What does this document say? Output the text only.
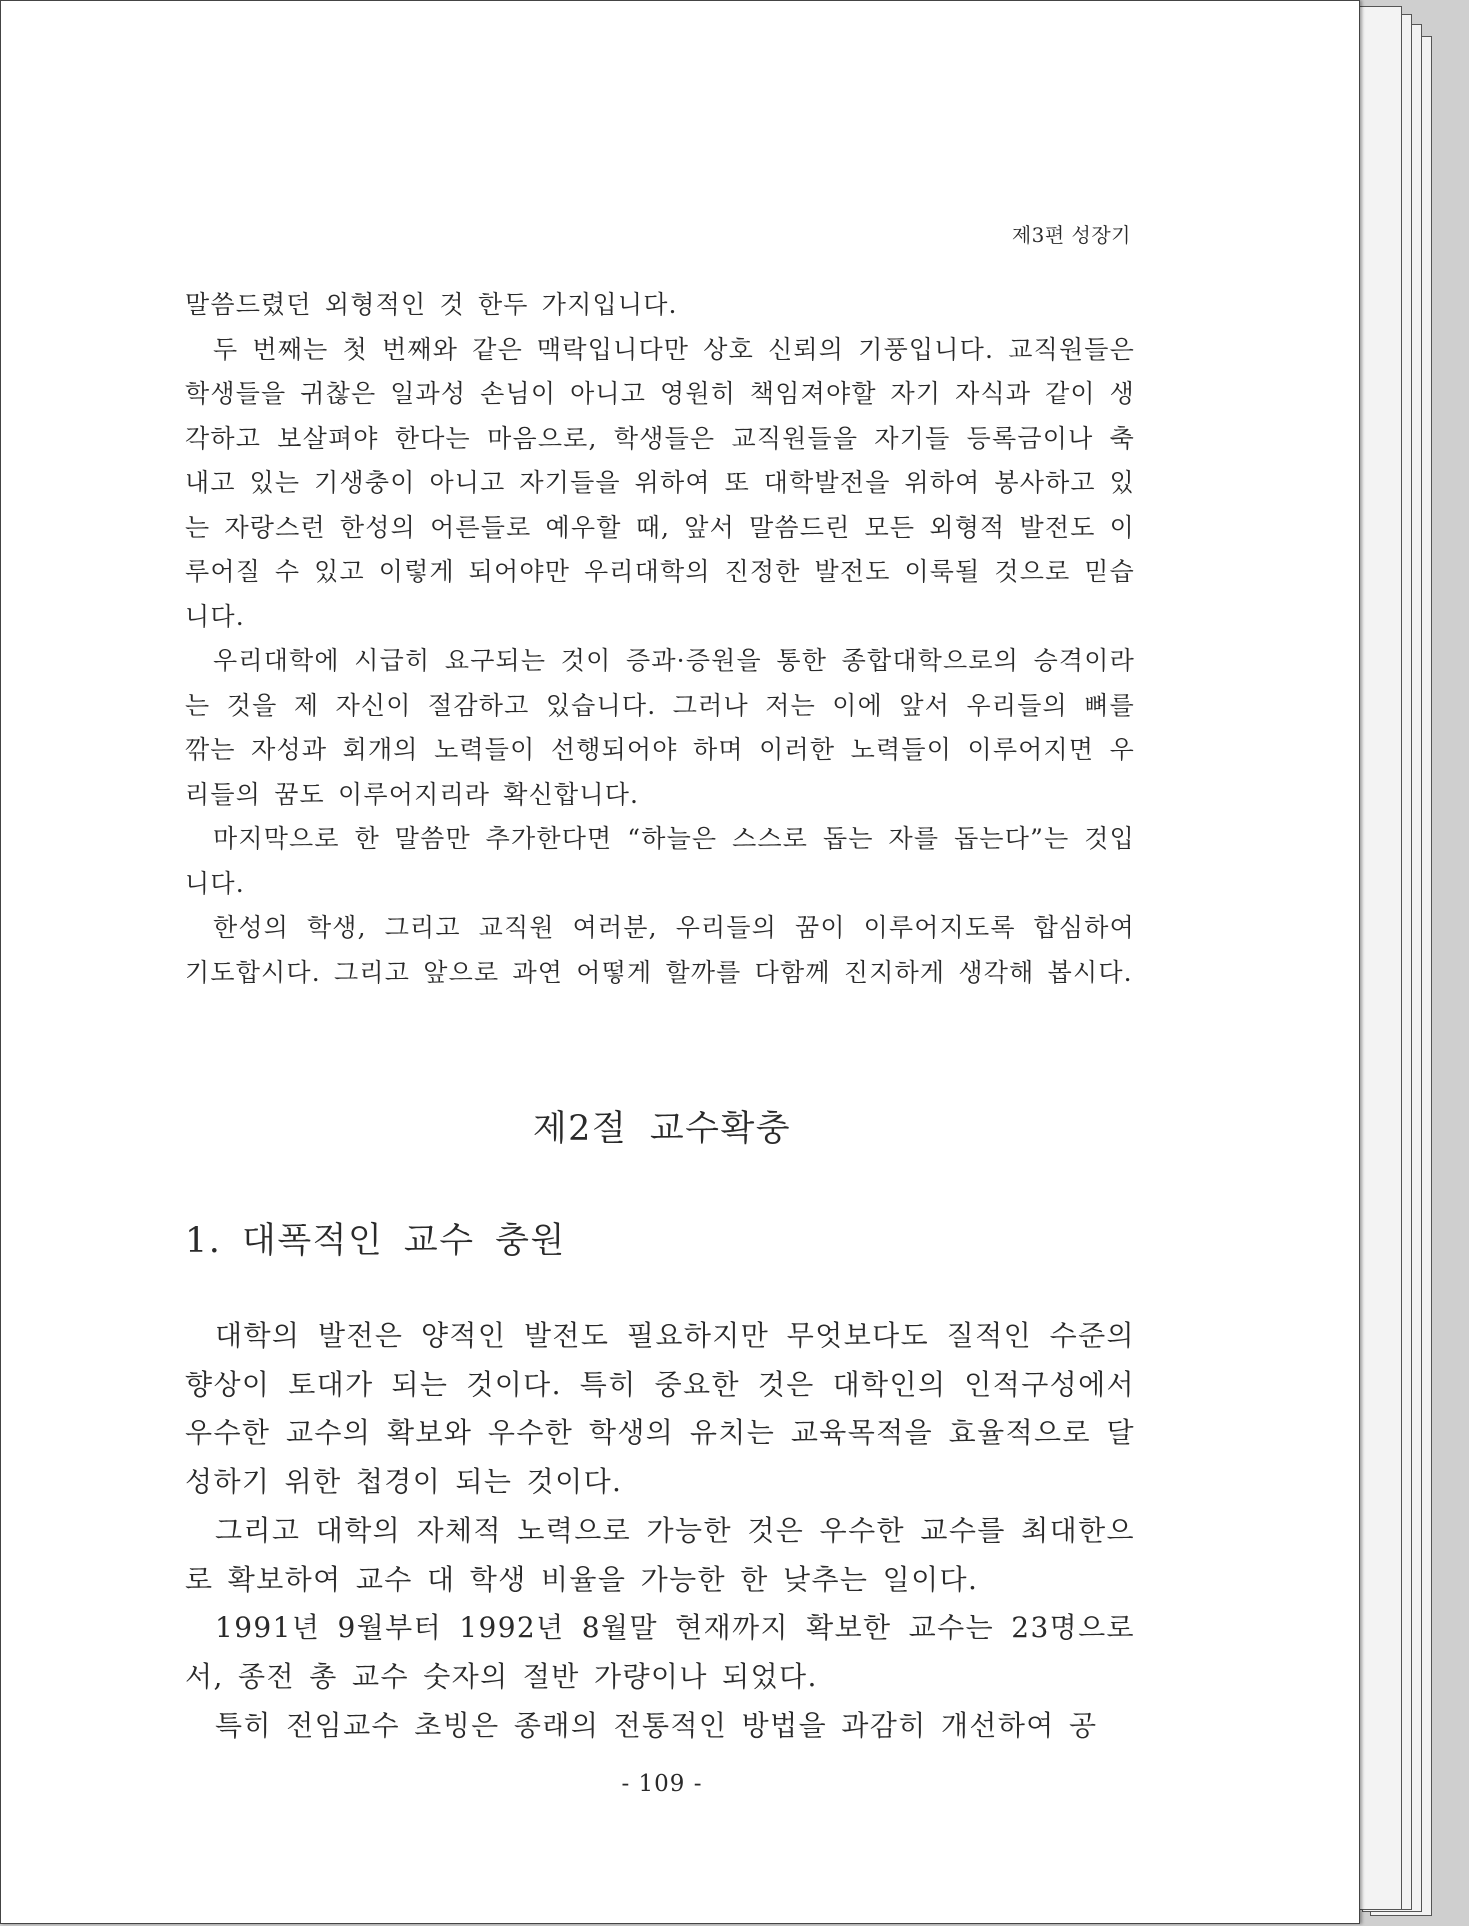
제3편 성장기

말씀드렸던 외형적인 것 한두 가지입니다.

두 번째는 첫 번째와 같은 맥락입니다만 상호 신뢰의 기풍입니다. 교직원들은 학생들을 귀찮은 일과성 손님이 아니고 영원히 책임져야할 자기 자식과 같이 생각하고 보살펴야 한다는 마음으로, 학생들은 교직원들을 자기들 등록금이나 축내고 있는 기생충이 아니고 자기들을 위하여 또 대학발전을 위하여 봉사하고 있는 자랑스런 한성의 어른들로 예우할 때, 앞서 말씀드린 모든 외형적 발전도 이루어질 수 있고 이렇게 되어야만 우리대학의 진정한 발전도 이룩될 것으로 믿습니다.

우리대학에 시급히 요구되는 것이 증과·증원을 통한 종합대학으로의 승격이라는 것을 제 자신이 절감하고 있습니다. 그러나 저는 이에 앞서 우리들의 뼈를 깎는 자성과 회개의 노력들이 선행되어야 하며 이러한 노력들이 이루어지면 우리들의 꿈도 이루어지리라 확신합니다.

마지막으로 한 말씀만 추가한다면 “하늘은 스스로 돕는 자를 돕는다”는 것입니다.

한성의 학생, 그리고 교직원 여러분, 우리들의 꿈이 이루어지도록 합심하여 기도합시다. 그리고 앞으로 과연 어떻게 할까를 다함께 진지하게 생각해 봅시다.

제2절 교수확충
1. 대폭적인 교수 충원

대학의 발전은 양적인 발전도 필요하지만 무엇보다도 질적인 수준의 향상이 토대가 되는 것이다. 특히 중요한 것은 대학인의 인적구성에서 우수한 교수의 확보와 우수한 학생의 유치는 교육목적을 효율적으로 달성하기 위한 첩경이 되는 것이다.

그리고 대학의 자체적 노력으로 가능한 것은 우수한 교수를 최대한으로 확보하여 교수 대 학생 비율을 가능한 한 낮추는 일이다.

1991년 9월부터 1992년 8월말 현재까지 확보한 교수는 23명으로서, 종전 총 교수 숫자의 절반 가량이나 되었다.

특히 전임교수 초빙은 종래의 전통적인 방법을 과감히 개선하여 공

- 109 -
